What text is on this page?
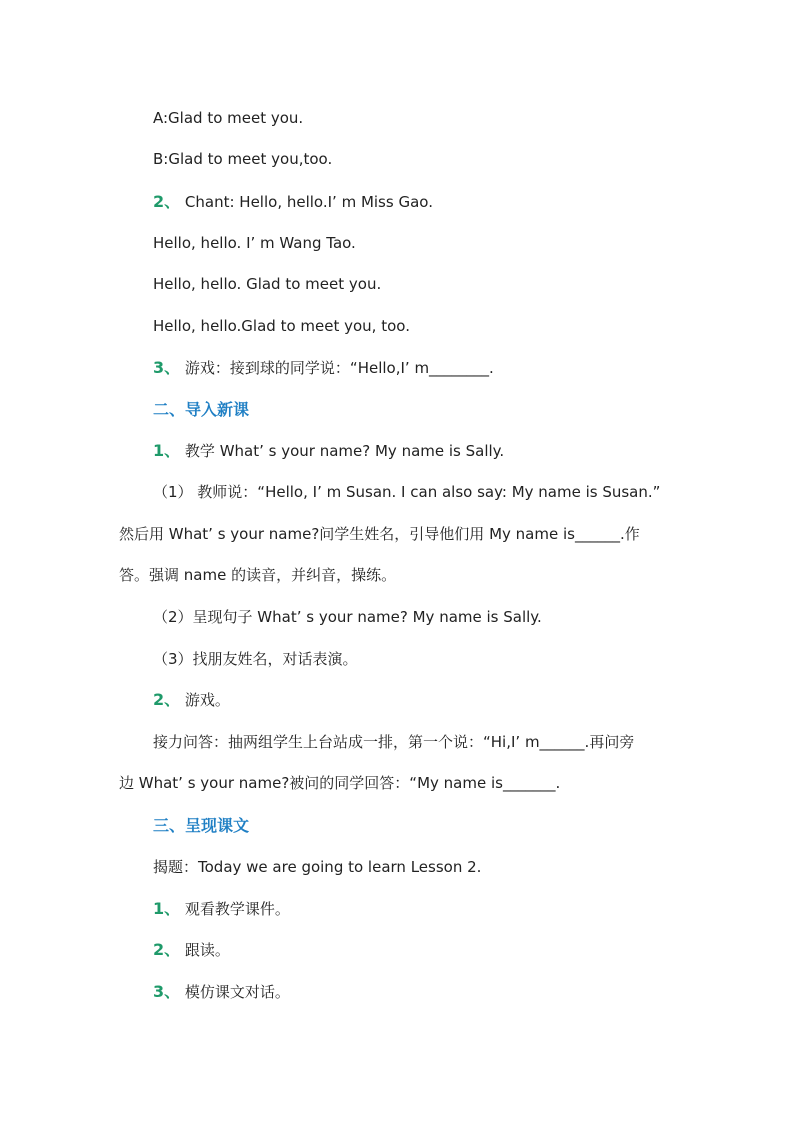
A:Glad to meet you.
B:Glad to meet you,too.
2、 Chant: Hello, hello.I’ m Miss Gao.
Hello, hello. I’ m Wang Tao.
Hello, hello. Glad to meet you.
Hello, hello.Glad to meet you, too.
3、 游戏：接到球的同学说：“Hello,I’ m________.
二、导入新课
1、 教学 What’ s your name? My name is Sally.
（1） 教师说：“Hello, I’ m Susan. I can also say: My name is Susan.”
然后用 What’ s your name?问学生姓名，引导他们用 My name is______.作
答。强调 name 的读音，并纠音，操练。
（2）呈现句子 What’ s your name? My name is Sally.
（3）找朋友姓名，对话表演。
2、 游戏。
接力问答：抽两组学生上台站成一排，第一个说：“Hi,I’ m______.再问旁
边 What’ s your name?被问的同学回答：“My name is_______.
三、呈现课文
揭题：Today we are going to learn Lesson 2.
1、 观看教学课件。
2、 跟读。
3、 模仿课文对话。
